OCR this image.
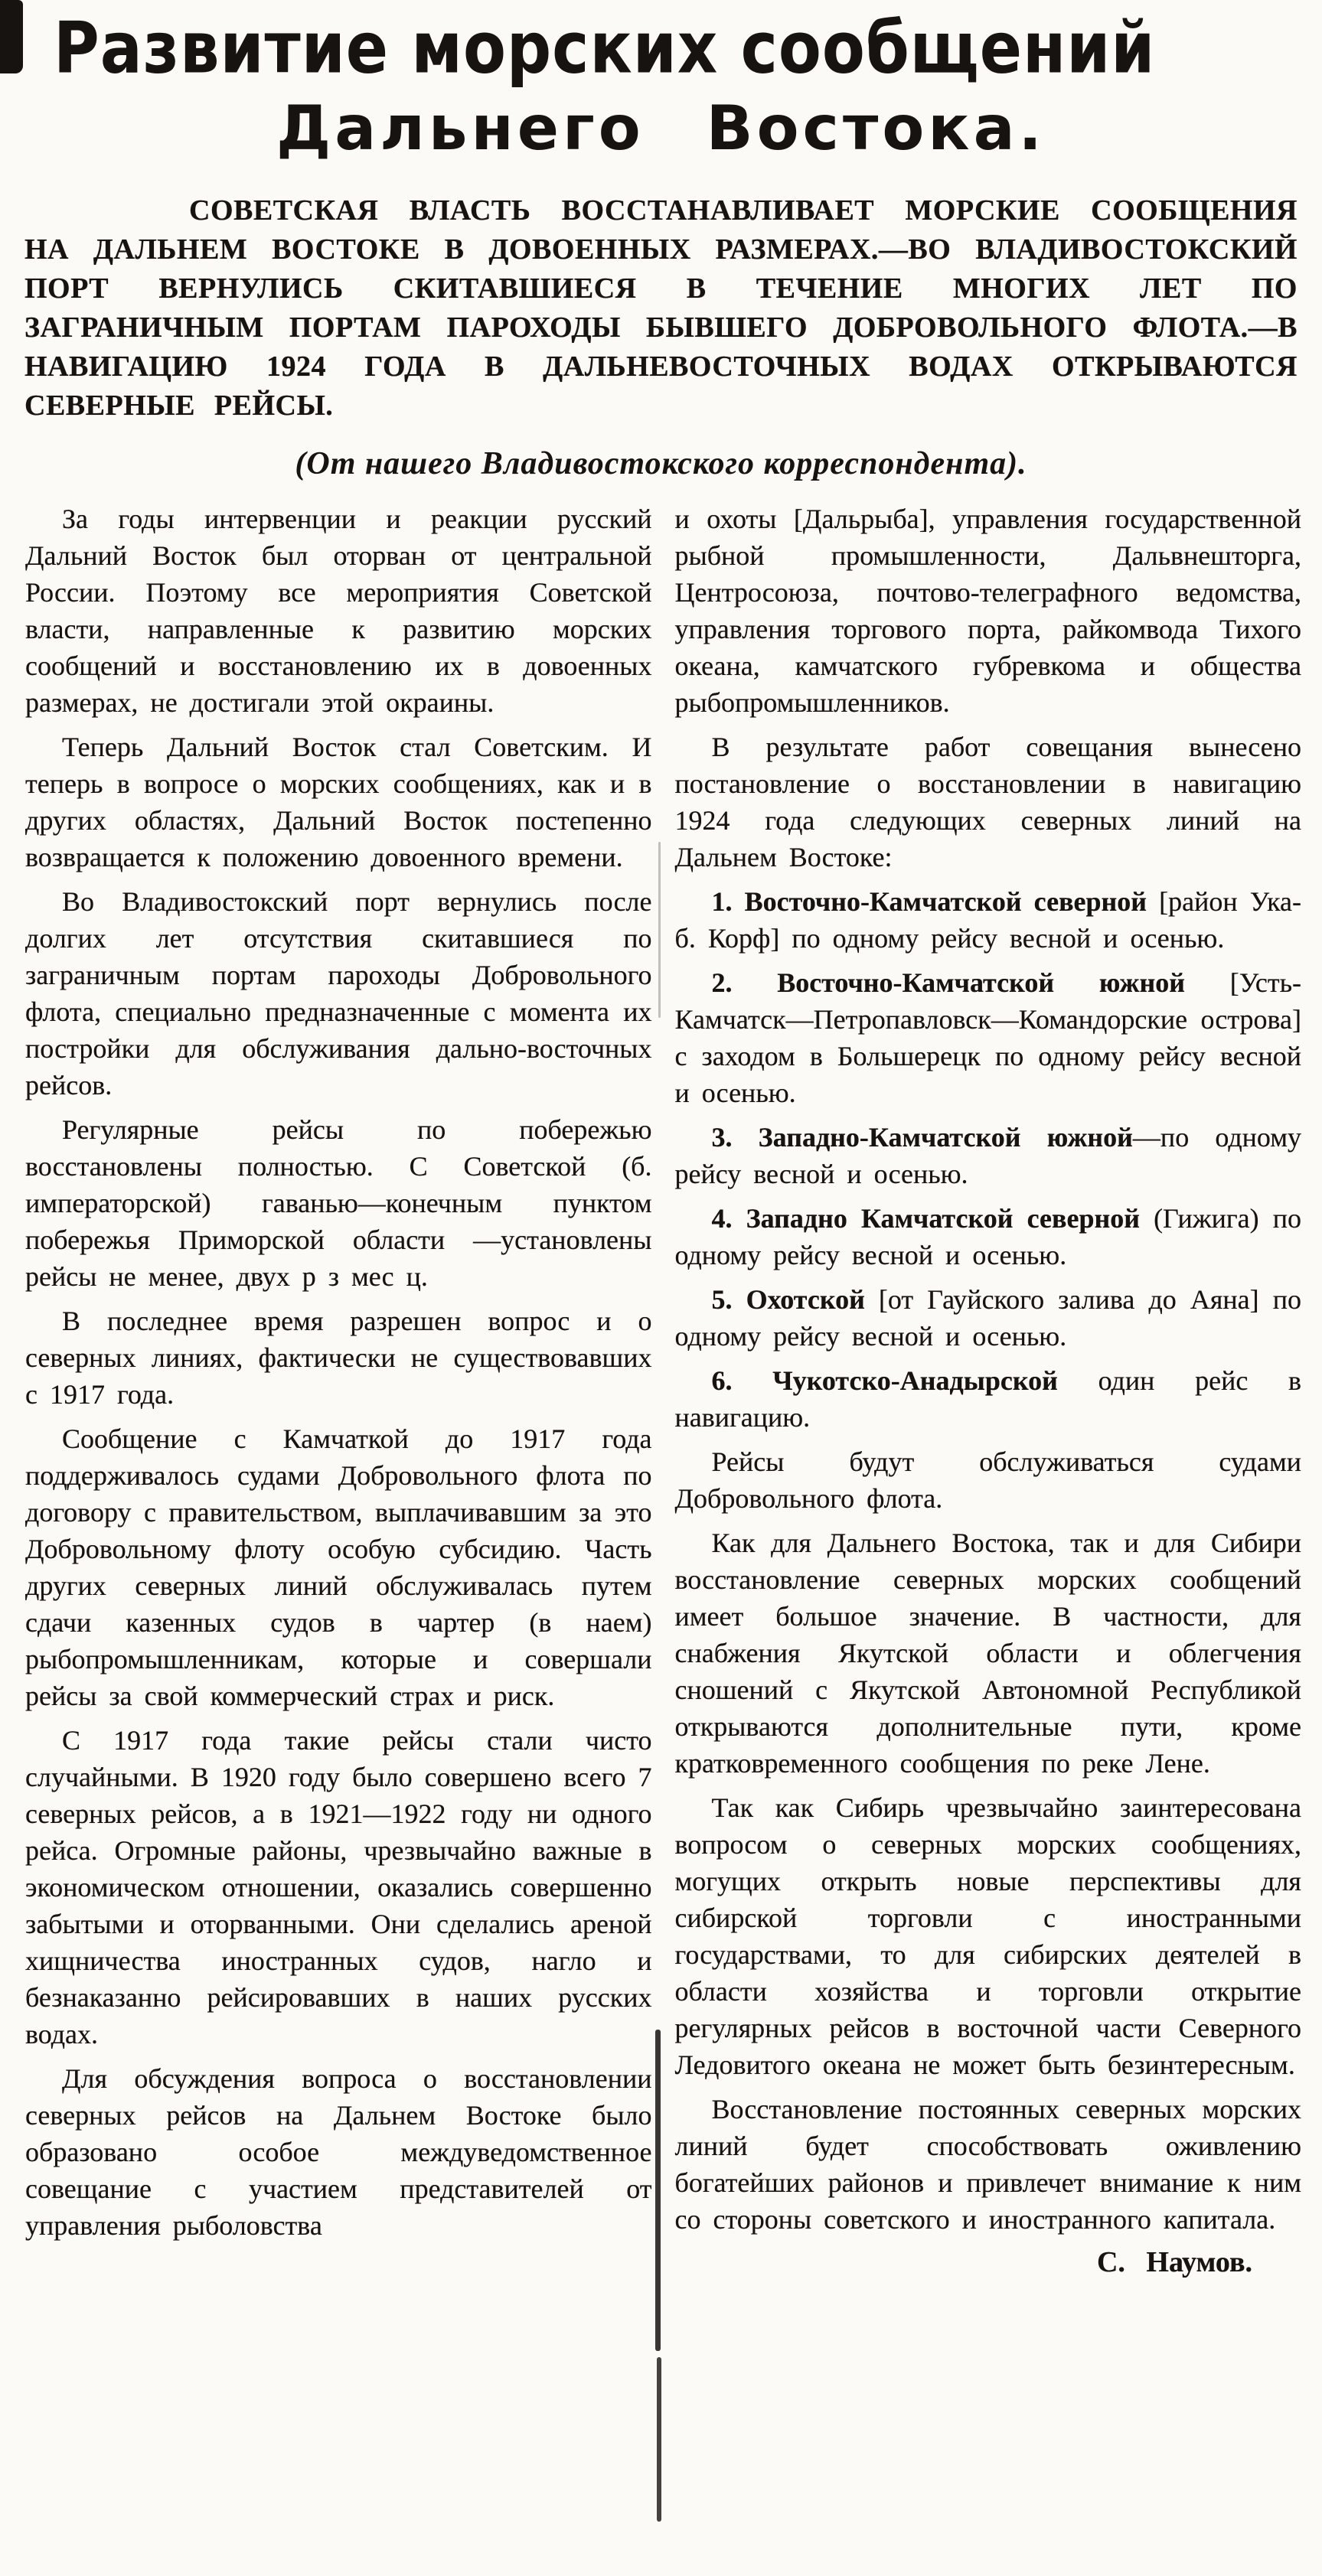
Развитие морских сообщений
Дальнего Востока.

СОВЕТСКАЯ ВЛАСТЬ ВОССТАНАВЛИВАЕТ МОРСКИЕ СООБЩЕНИЯ НА ДАЛЬНЕМ ВОСТОКЕ В ДОВОЕННЫХ РАЗМЕРАХ.—ВО ВЛАДИВОСТОКСКИЙ ПОРТ ВЕРНУЛИСЬ СКИТАВШИЕСЯ В ТЕЧЕНИЕ МНОГИХ ЛЕТ ПО ЗАГРАНИЧНЫМ ПОРТАМ ПАРОХОДЫ БЫВШЕГО ДОБРОВОЛЬНОГО ФЛОТА.—В НАВИГАЦИЮ 1924 ГОДА В ДАЛЬНЕВОСТОЧНЫХ ВОДАХ ОТКРЫВАЮТСЯ СЕВЕРНЫЕ РЕЙСЫ.

(От нашего Владивостокского корреспондента).

За годы интервенции и реакции русский Дальний Восток был оторван от центральной России. Поэтому все мероприятия Советской власти, направленные к развитию морских сообщений и восстановлению их в довоенных размерах, не достигали этой окраины.

Теперь Дальний Восток стал Советским. И теперь в вопросе о морских сообщениях, как и в других областях, Дальний Восток постепенно возвращается к положению довоенного времени.

Во Владивостокский порт вернулись после долгих лет отсутствия скитавшиеся по заграничным портам пароходы Добровольного флота, специально предназначенные с момента их постройки для обслуживания дально-восточных рейсов.

Регулярные рейсы по побережью восстановлены полностью. С Советской (б. императорской) гаванью—конечным пунктом побережья Приморской области —установлены рейсы не менее, двух р з мес ц.

В последнее время разрешен вопрос и о северных линиях, фактически не существовавших с 1917 года.

Сообщение с Камчаткой до 1917 года поддерживалось судами Добровольного флота по договору с правительством, выплачивавшим за это Добровольному флоту особую субсидию. Часть других северных линий обслуживалась путем сдачи казенных судов в чартер (в наем) рыбопромышленникам, которые и совершали рейсы за свой коммерческий страх и риск.

С 1917 года такие рейсы стали чисто случайными. В 1920 году было совершено всего 7 северных рейсов, а в 1921—1922 году ни одного рейса. Огромные районы, чрезвычайно важные в экономическом отношении, оказались совершенно забытыми и оторванными. Они сделались ареной хищничества иностранных судов, нагло и безнаказанно рейсировавших в наших русских водах.

Для обсуждения вопроса о восстановлении северных рейсов на Дальнем Востоке было образовано особое междуведомственное совещание с участием представителей от управления рыболовства

и охоты [Дальрыба], управления государственной рыбной промышленности, Дальвнешторга, Центросоюза, почтово-телеграфного ведомства, управления торгового порта, райкомвода Тихого океана, камчатского губревкома и общества рыбопромышленников.

В результате работ совещания вынесено постановление о восстановлении в навигацию 1924 года следующих северных линий на Дальнем Востоке:

1. Восточно-Камчатской северной [район Ука-б. Корф] по одному рейсу весной и осенью.

2. Восточно-Камчатской южной [Усть-Камчатск—Петропавловск—Командорские острова] с заходом в Большерецк по одному рейсу весной и осенью.

3. Западно-Камчатской южной—по одному рейсу весной и осенью.

4. Западно Камчатской северной (Гижига) по одному рейсу весной и осенью.

5. Охотской [от Гауйского залива до Аяна] по одному рейсу весной и осенью.

6. Чукотско-Анадырской один рейс в навигацию.

Рейсы будут обслуживаться судами Добровольного флота.

Как для Дальнего Востока, так и для Сибири восстановление северных морских сообщений имеет большое значение. В частности, для снабжения Якутской области и облегчения сношений с Якутской Автономной Республикой открываются дополнительные пути, кроме кратковременного сообщения по реке Лене.

Так как Сибирь чрезвычайно заинтересована вопросом о северных морских сообщениях, могущих открыть новые перспективы для сибирской торговли с иностранными государствами, то для сибирских деятелей в области хозяйства и торговли открытие регулярных рейсов в восточной части Северного Ледовитого океана не может быть безинтересным.

Восстановление постоянных северных морских линий будет способствовать оживлению богатейших районов и привлечет внимание к ним со стороны советского и иностранного капитала.

С. Наумов.
